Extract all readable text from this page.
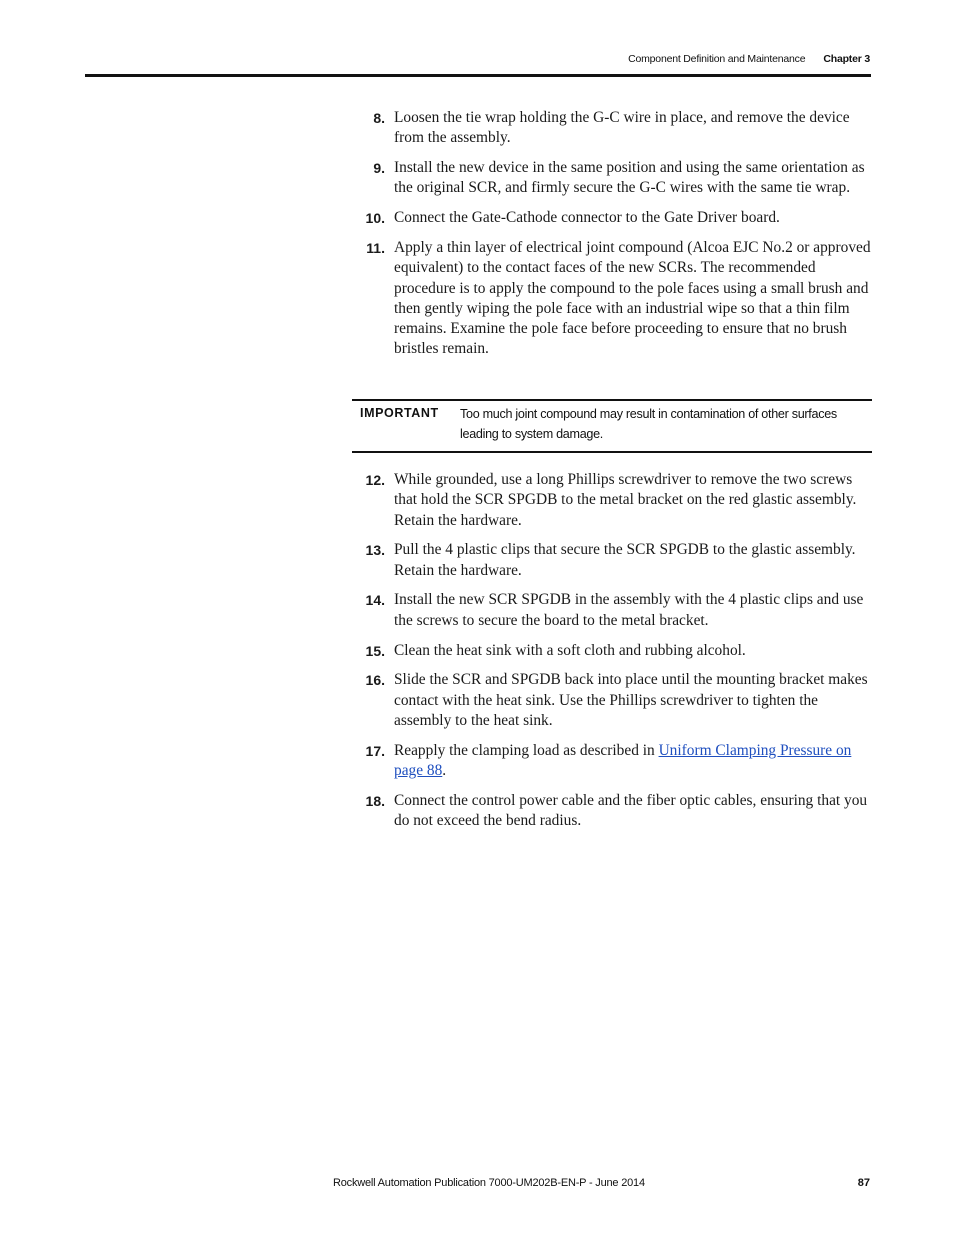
Component Definition and Maintenance Chapter 3
8. Loosen the tie wrap holding the G-C wire in place, and remove the device from the assembly.
9. Install the new device in the same position and using the same orientation as the original SCR, and firmly secure the G-C wires with the same tie wrap.
10. Connect the Gate-Cathode connector to the Gate Driver board.
11. Apply a thin layer of electrical joint compound (Alcoa EJC No.2 or approved equivalent) to the contact faces of the new SCRs. The recommended procedure is to apply the compound to the pole faces using a small brush and then gently wiping the pole face with an industrial wipe so that a thin film remains. Examine the pole face before proceeding to ensure that no brush bristles remain.
IMPORTANT Too much joint compound may result in contamination of other surfaces leading to system damage.
12. While grounded, use a long Phillips screwdriver to remove the two screws that hold the SCR SPGDB to the metal bracket on the red glastic assembly. Retain the hardware.
13. Pull the 4 plastic clips that secure the SCR SPGDB to the glastic assembly. Retain the hardware.
14. Install the new SCR SPGDB in the assembly with the 4 plastic clips and use the screws to secure the board to the metal bracket.
15. Clean the heat sink with a soft cloth and rubbing alcohol.
16. Slide the SCR and SPGDB back into place until the mounting bracket makes contact with the heat sink. Use the Phillips screwdriver to tighten the assembly to the heat sink.
17. Reapply the clamping load as described in Uniform Clamping Pressure on page 88.
18. Connect the control power cable and the fiber optic cables, ensuring that you do not exceed the bend radius.
Rockwell Automation Publication 7000-UM202B-EN-P - June 2014	87
